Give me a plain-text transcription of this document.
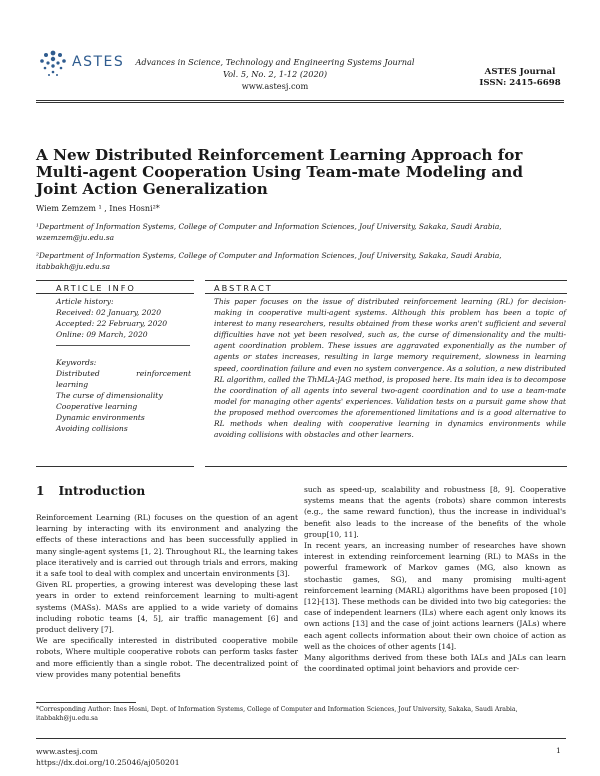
ASTES	Advances in Science, Technology and Engineering Systems Journal
Vol. 5, No. 2, 1-12 (2020)
www.astesj.com
ASTES Journal
ISSN: 2415-6698
A New Distributed Reinforcement Learning Approach for Multi-agent Cooperation Using Team-mate Modeling and Joint Action Generalization
Wiem Zemzem ¹ , Ines Hosni²*
¹Department of Information Systems, College of Computer and Information Sciences, Jouf University, Sakaka, Saudi Arabia, wzemzem@ju.edu.sa
²Department of Information Systems, College of Computer and Information Sciences, Jouf University, Sakaka, Saudi Arabia, itabbakh@ju.edu.sa
ARTICLE INFO	ABSTRACT
Article history:
Received: 02 January, 2020
Accepted: 22 February, 2020
Online: 09 March, 2020
Keywords:
Distributed	reinforcement
learning
The curse of dimensionality
Cooperative learning
Dynamic environments
Avoiding collisions
This paper focuses on the issue of distributed reinforcement learning (RL) for decision-making in cooperative multi-agent systems. Although this problem has been a topic of interest to many researchers, results obtained from these works aren't sufficient and several difficulties have not yet been resolved, such as, the curse of dimensionality and the multi-agent coordination problem. These issues are aggravated exponentially as the number of agents or states increases, resulting in large memory requirement, slowness in learning speed, coordination failure and even no system convergence. As a solution, a new distributed RL algorithm, called the ThMLA-JAG method, is proposed here. Its main idea is to decompose the coordination of all agents into several two-agent coordination and to use a team-mate model for managing other agents' experiences. Validation tests on a pursuit game show that the proposed method overcomes the aforementioned limitations and is a good alternative to RL methods when dealing with cooperative learning in dynamics environments while avoiding collisions with obstacles and other learners.
1 Introduction

Reinforcement Learning (RL) focuses on the question of an agent learning by interacting with its environment and analyzing the effects of these interactions and has been successfully applied in many single-agent systems [1, 2]. Throughout RL, the learning takes place iteratively and is carried out through trials and errors, making it a safe tool to deal with complex and uncertain environments [3].

Given RL properties, a growing interest was developing these last years in order to extend reinforcement learning to multi-agent systems (MASs). MASs are applied to a wide variety of domains including robotic teams [4, 5], air traffic management [6] and product delivery [7].

We are specifically interested in distributed cooperative mobile robots, Where multiple cooperative robots can perform tasks faster and more efficiently than a single robot. The decentralized point of view provides many potential benefits

such as speed-up, scalability and robustness [8, 9]. Cooperative systems means that the agents (robots) share common interests (e.g., the same reward function), thus the increase in individual's benefit also leads to the increase of the benefits of the whole group[10, 11].

In recent years, an increasing number of researches have shown interest in extending reinforcement learning (RL) to MASs in the powerful framework of Markov games (MG, also known as stochastic games, SG), and many promising multi-agent reinforcement learning (MARL) algorithms have been proposed [10][12]-[13]. These methods can be divided into two big categories: the case of independent learners (ILs) where each agent only knows its own actions [13] and the case of joint actions learners (JALs) where each agent collects information about their own choice of action as well as the choices of other agents [14].

Many algorithms derived from these both IALs and JALs can learn the coordinated optimal joint behaviors and provide cer-

*Corresponding Author: Ines Hosni, Dept. of Information Systems, College of Computer and Information Sciences, Jouf University, Sakaka, Saudi Arabia, itabbakh@ju.edu.sa
www.astesj.com
https://dx.doi.org/10.25046/aj050201
1
